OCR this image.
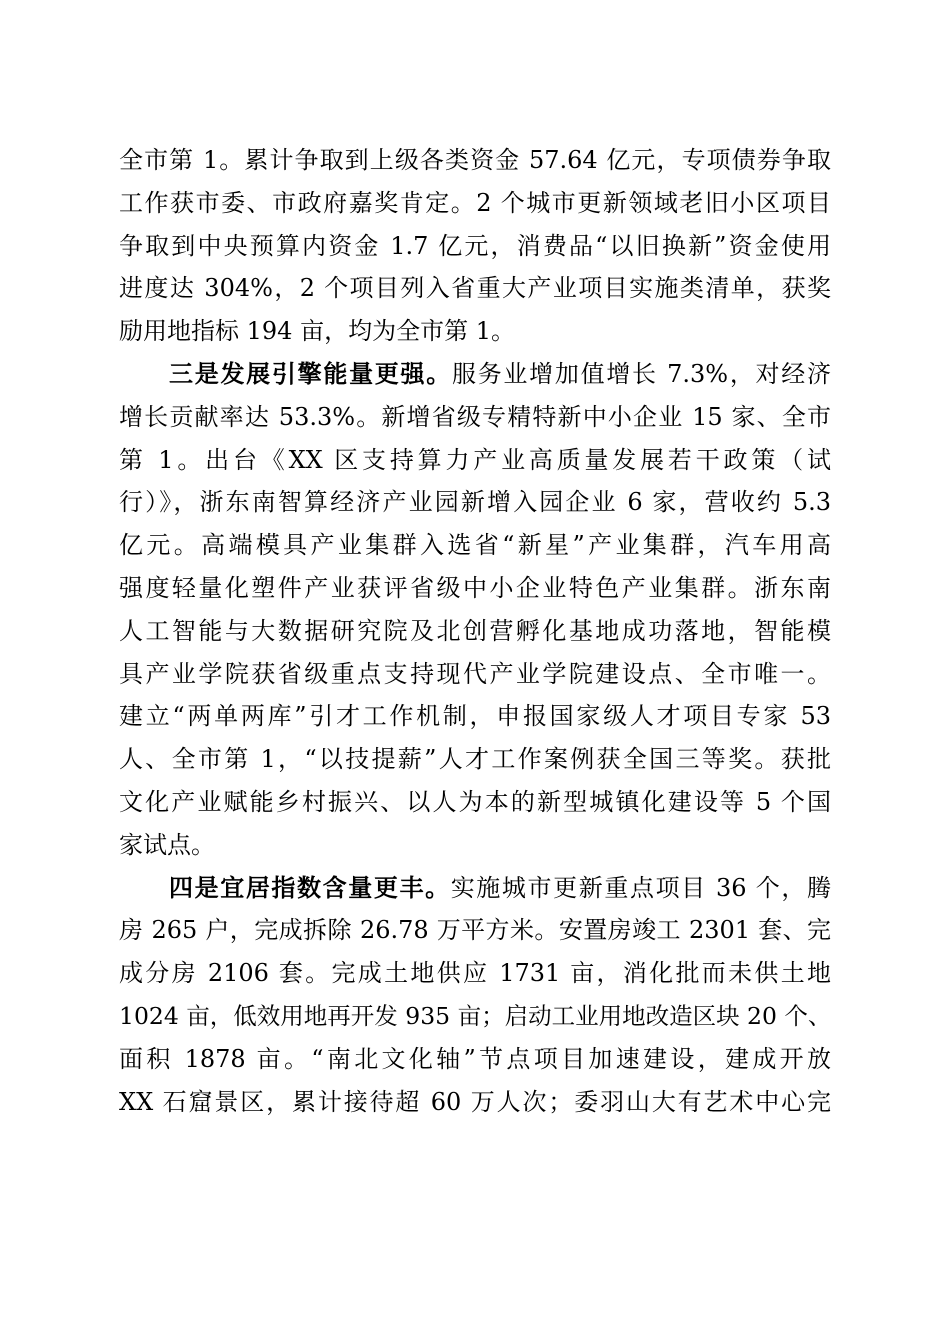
全市第 1。累计争取到上级各类资金 57.64 亿元，专项债券争取
工作获市委、市政府嘉奖肯定。2 个城市更新领域老旧小区项目
争取到中央预算内资金 1.7 亿元，消费品“以旧换新”资金使用
进度达 304%，2 个项目列入省重大产业项目实施类清单，获奖
励用地指标 194 亩，均为全市第 1。
三是发展引擎能量更强。服务业增加值增长 7.3%，对经济
增长贡献率达 53.3%。新增省级专精特新中小企业 15 家、全市
第 1。出台《XX 区支持算力产业高质量发展若干政策（试
行）》，浙东南智算经济产业园新增入园企业 6 家，营收约 5.3
亿元。高端模具产业集群入选省“新星”产业集群，汽车用高
强度轻量化塑件产业获评省级中小企业特色产业集群。浙东南
人工智能与大数据研究院及北创营孵化基地成功落地，智能模
具产业学院获省级重点支持现代产业学院建设点、全市唯一。
建立“两单两库”引才工作机制，申报国家级人才项目专家 53
人、全市第 1，“以技提薪”人才工作案例获全国三等奖。获批
文化产业赋能乡村振兴、以人为本的新型城镇化建设等 5 个国
家试点。
四是宜居指数含量更丰。实施城市更新重点项目 36 个，腾
房 265 户，完成拆除 26.78 万平方米。安置房竣工 2301 套、完
成分房 2106 套。完成土地供应 1731 亩，消化批而未供土地
1024 亩，低效用地再开发 935 亩；启动工业用地改造区块 20 个、
面积 1878 亩。“南北文化轴”节点项目加速建设，建成开放
XX 石窟景区，累计接待超 60 万人次；委羽山大有艺术中心完
